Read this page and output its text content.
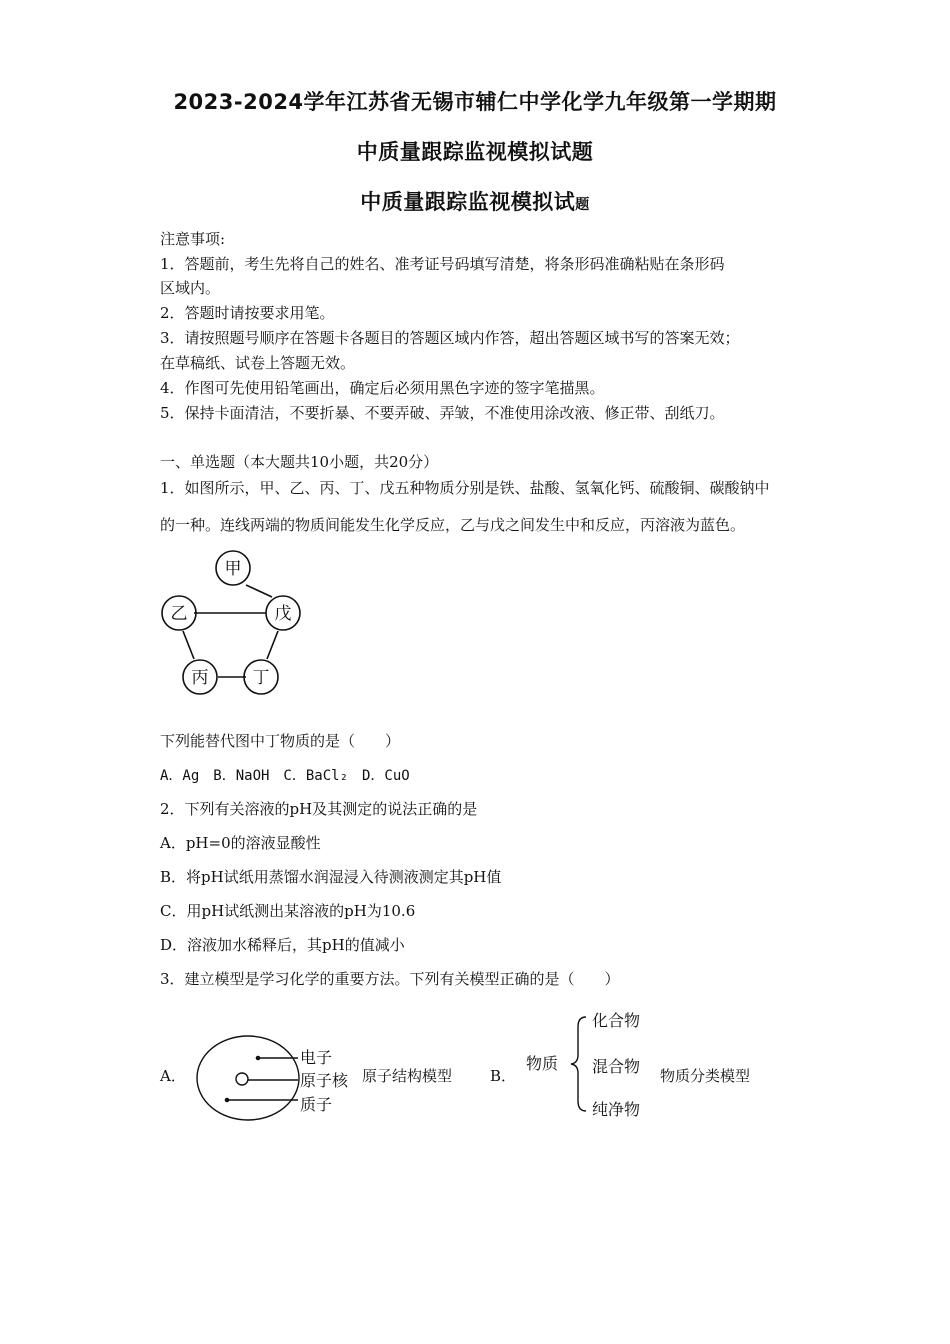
2023-2024学年江苏省无锡市辅仁中学化学九年级第一学期期
中质量跟踪监视模拟试题
中质量跟踪监视模拟试题
注意事项:
1．答题前，考生先将自己的姓名、准考证号码填写清楚，将条形码准确粘贴在条形码
区域内。
2．答题时请按要求用笔。
3．请按照题号顺序在答题卡各题目的答题区域内作答，超出答题区域书写的答案无效；
在草稿纸、试卷上答题无效。
4．作图可先使用铅笔画出，确定后必须用黑色字迹的签字笔描黑。
5．保持卡面清洁，不要折暴、不要弄破、弄皱，不准使用涂改液、修正带、刮纸刀。
一、单选题（本大题共10小题，共20分）
1．如图所示，甲、乙、丙、丁、戊五种物质分别是铁、盐酸、氢氧化钙、硫酸铜、碳酸钠中
的一种。连线两端的物质间能发生化学反应，乙与戊之间发生中和反应，丙溶液为蓝色。
甲
乙	戊
丙	丁
下列能替代图中丁物质的是（　　）
A．Ag　B．NaOH　C．BaCl₂　D．CuO
2．下列有关溶液的pH及其测定的说法正确的是
A．pH=0的溶液显酸性
B．将pH试纸用蒸馏水润湿浸入待测液测定其pH值
C．用pH试纸测出某溶液的pH为10.6
D．溶液加水稀释后，其pH的值减小
3．建立模型是学习化学的重要方法。下列有关模型正确的是（　　）
A．
电子
原子核
质子
原子结构模型	B．
物质
化合物
混合物
纯净物
物质分类模型
